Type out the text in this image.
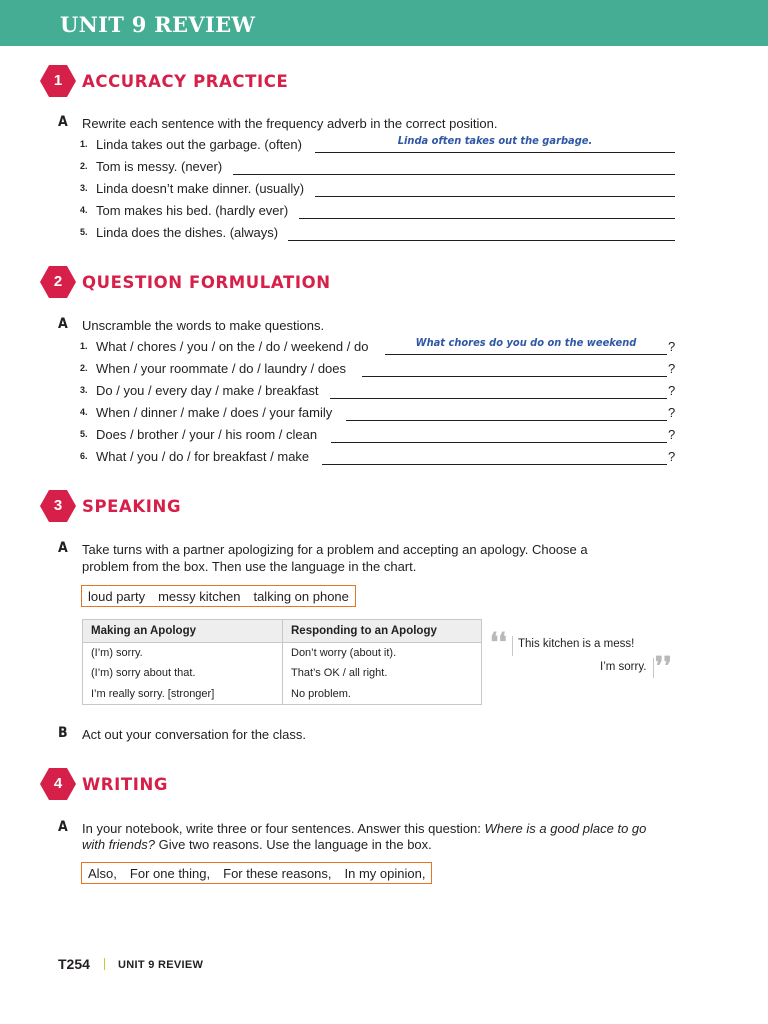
UNIT 9 REVIEW
1	ACCURACY PRACTICE
A Rewrite each sentence with the frequency adverb in the correct position.
1. Linda takes out the garbage. (often)	Linda often takes out the garbage.
2. Tom is messy. (never)
3. Linda doesn’t make dinner. (usually)
4. Tom makes his bed. (hardly ever)
5. Linda does the dishes. (always)
2	QUESTION FORMULATION
A Unscramble the words to make questions.
1. What / chores / you / on the / do / weekend / do	What chores do you do on the weekend	?
2. When / your roommate / do / laundry / does	?
3. Do / you / every day / make / breakfast	?
4. When / dinner / make / does / your family	?
5. Does / brother / your / his room / clean	?
6. What / you / do / for breakfast / make	?
3	SPEAKING
A Take turns with a partner apologizing for a problem and accepting an apology. Choose a
problem from the box. Then use the language in the chart.
loud party messy kitchen talking on phone
Making an Apology	Responding to an Apology
(I’m) sorry.	Don’t worry (about it).
(I’m) sorry about that.	That’s OK / all right.
I’m really sorry. [stronger]	No problem.
❛❛ This kitchen is a mess!
I’m sorry. ❜❜
B Act out your conversation for the class.
4	WRITING
A In your notebook, write three or four sentences. Answer this question: Where is a good place to go
with friends? Give two reasons. Use the language in the box.
Also, For one thing, For these reasons, In my opinion,
T254	UNIT 9 REVIEW
